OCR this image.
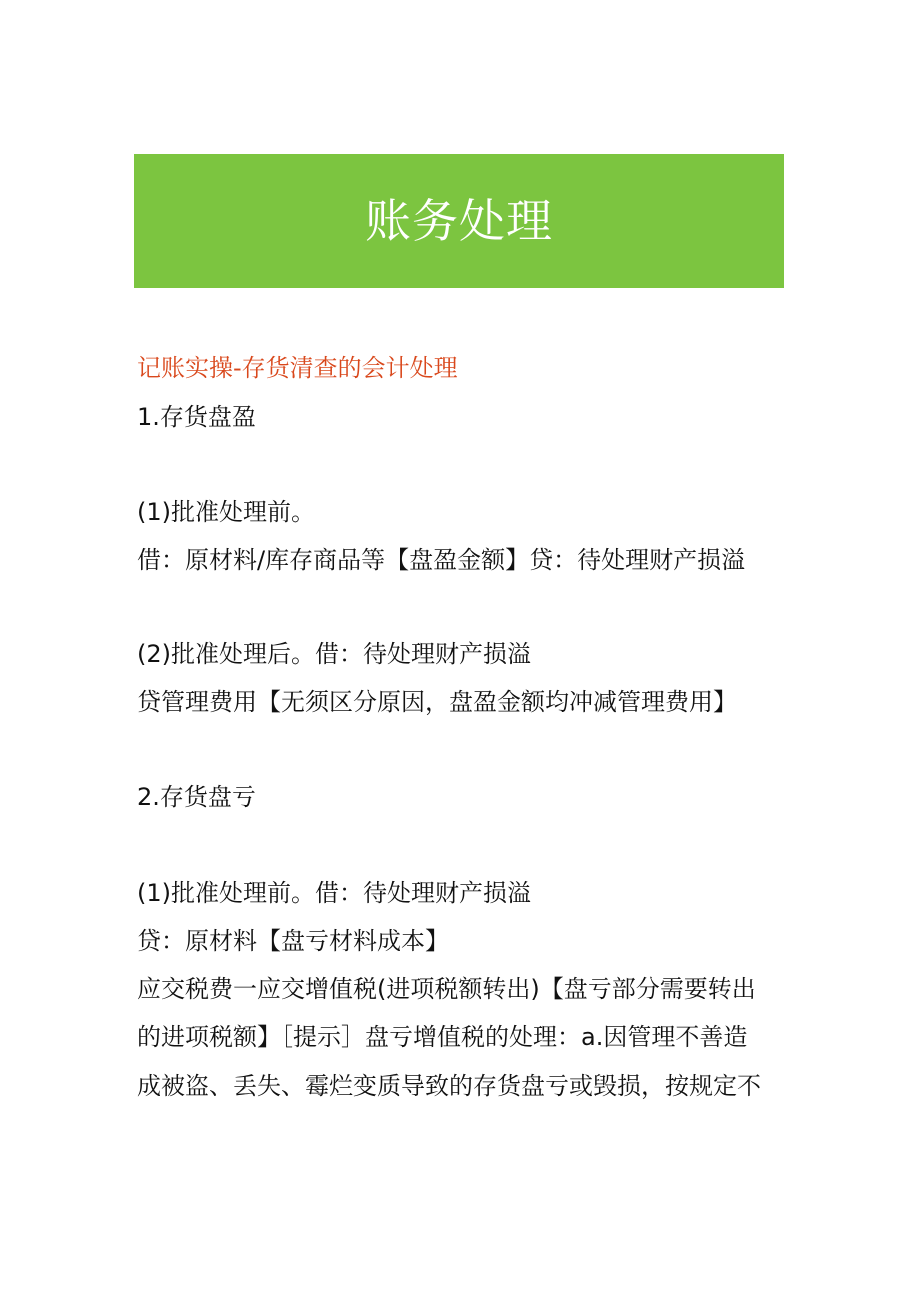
账务处理
记账实操-存货清查的会计处理
1.存货盘盈
(1)批准处理前。
借：原材料/库存商品等【盘盈金额】贷：待处理财产损溢
(2)批准处理后。借：待处理财产损溢
贷管理费用【无须区分原因，盘盈金额均冲减管理费用】
2.存货盘亏
(1)批准处理前。借：待处理财产损溢
贷：原材料【盘亏材料成本】
应交税费一应交增值税(进项税额转出)【盘亏部分需要转出
的进项税额】［提示］盘亏增值税的处理：a.因管理不善造
成被盗、丢失、霉烂变质导致的存货盘亏或毁损，按规定不
